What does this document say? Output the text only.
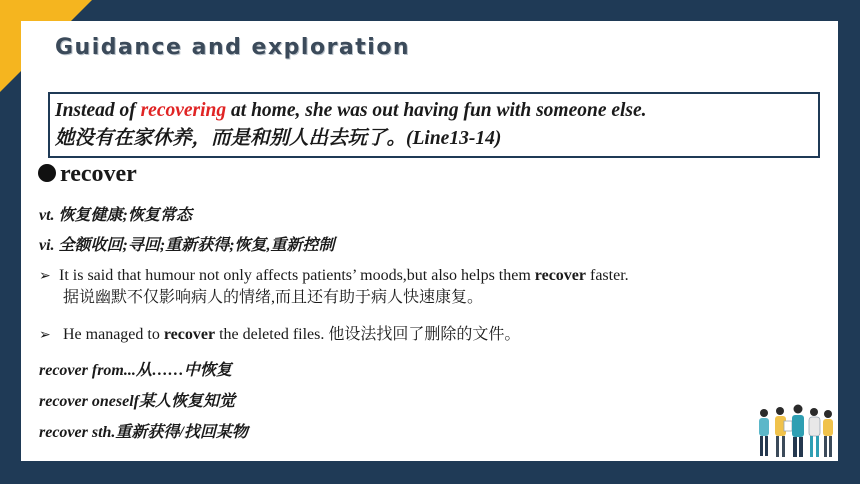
Guidance and exploration
Instead of recovering at home, she was out having fun with someone else.
她没有在家休养，而是和别人出去玩了。(Line13-14)
recover
vt. 恢复健康;恢复常态
vi. 全额收回;寻回;重新获得;恢复,重新控制
➢ It is said that humour not only affects patients’ moods,but also helps them recover faster.
据说幽默不仅影响病人的情绪,而且还有助于病人快速康复。
➢ He managed to recover the deleted files. 他设法找回了删除的文件。
recover from...从……中恢复
recover oneself某人恢复知觉
recover sth.重新获得/找回某物
